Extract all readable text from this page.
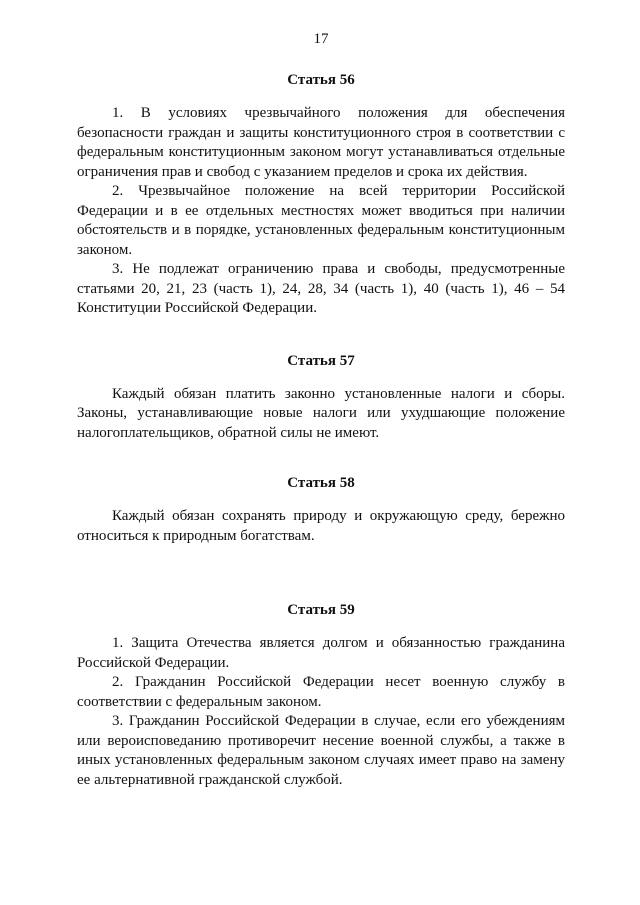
17
Статья 56

1. В условиях чрезвычайного положения для обеспечения безопасности граждан и защиты конституционного строя в соответствии с федеральным конституционным законом могут устанавливаться отдельные ограничения прав и свобод с указанием пределов и срока их действия.

2. Чрезвычайное положение на всей территории Российской Федерации и в ее отдельных местностях может вводиться при наличии обстоятельств и в порядке, установленных федеральным конституционным законом.

3. Не подлежат ограничению права и свободы, предусмотренные статьями 20, 21, 23 (часть 1), 24, 28, 34 (часть 1), 40 (часть 1), 46 – 54 Конституции Российской Федерации.

Статья 57

Каждый обязан платить законно установленные налоги и сборы. Законы, устанавливающие новые налоги или ухудшающие положение налогоплательщиков, обратной силы не имеют.

Статья 58

Каждый обязан сохранять природу и окружающую среду, бережно относиться к природным богатствам.

Статья 59

1. Защита Отечества является долгом и обязанностью гражданина Российской Федерации.

2. Гражданин Российской Федерации несет военную службу в соответствии с федеральным законом.

3. Гражданин Российской Федерации в случае, если его убеждениям или вероисповеданию противоречит несение военной службы, а также в иных установленных федеральным законом случаях имеет право на замену ее альтернативной гражданской службой.
